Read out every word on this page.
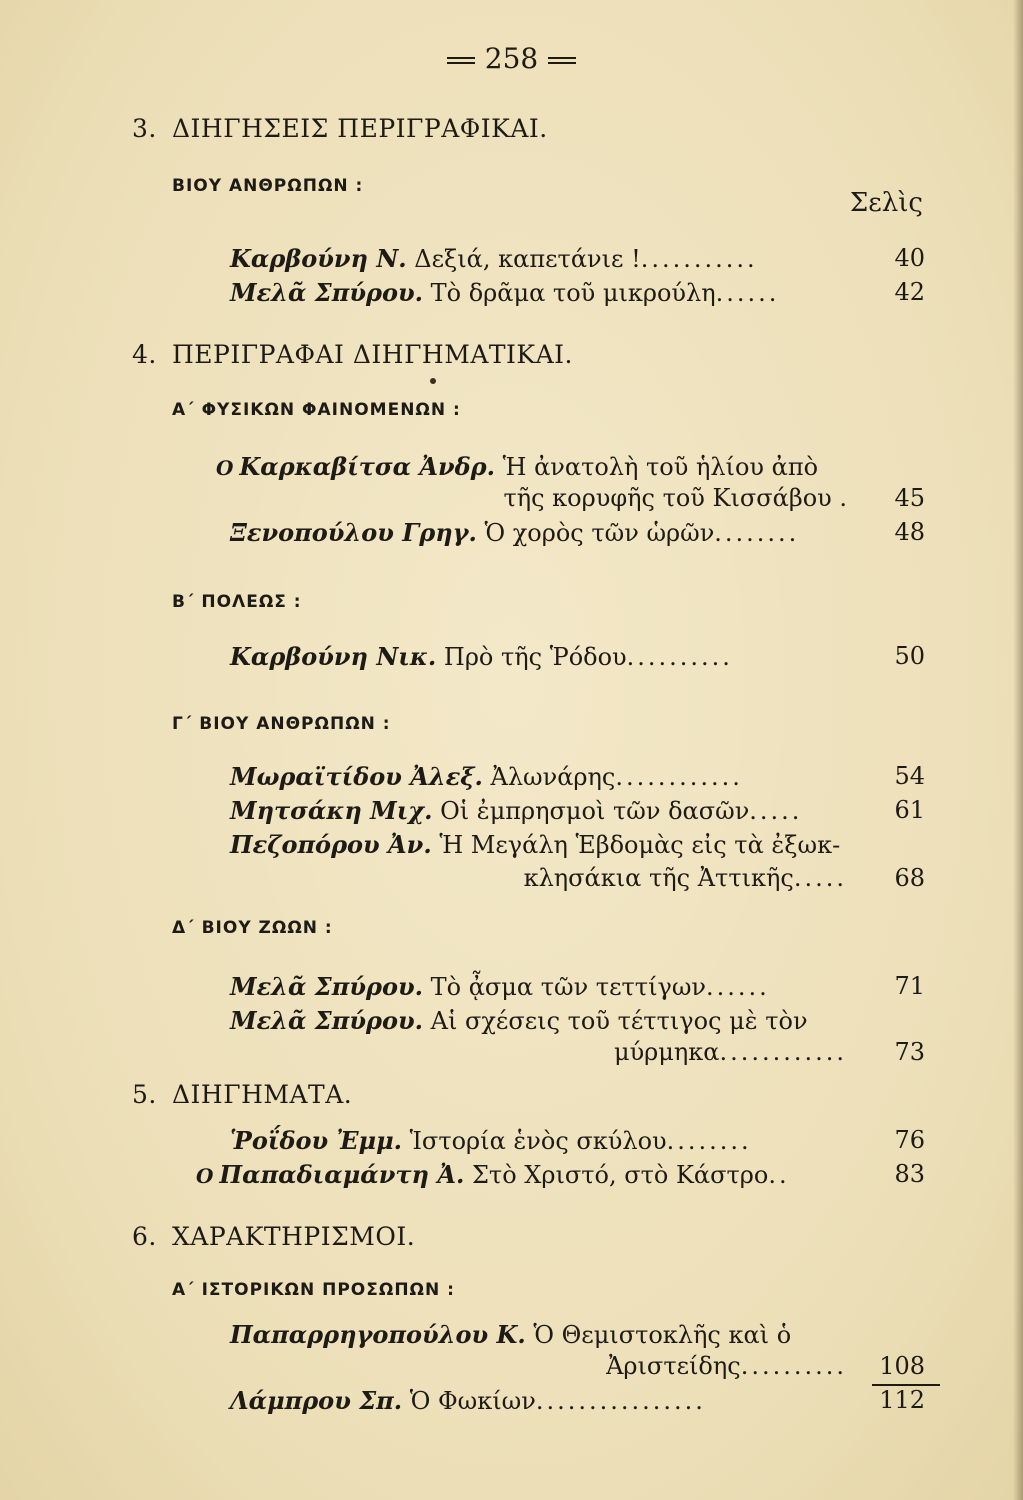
258
3. ΔΙΗΓΗΣΕΙΣ ΠΕΡΙΓΡΑΦΙΚΑΙ.
ΒΙΟΥ ΑΝΘΡΩΠΩΝ :
Σελὶς
Καρβούνη Ν. Δεξιά, καπετάνιε !...........	40
Μελᾶ Σπύρου. Τὸ δρᾶμα τοῦ μικρούλη......	42
4. ΠΕΡΙΓΡΑΦΑΙ ΔΙΗΓΗΜΑΤΙΚΑΙ.
Α΄ ΦΥΣΙΚΩΝ ΦΑΙΝΟΜΕΝΩΝ :
Ο Καρκαβίτσα Ἀνδρ. Ἡ ἀνατολὴ τοῦ ἡλίου ἀπὸ
τῆς κορυφῆς τοῦ Κισσάβου . 45
Ξενοπούλου Γρηγ. Ὁ χορὸς τῶν ὡρῶν........	48
Β΄ ΠΟΛΕΩΣ :
Καρβούνη Νικ. Πρὸ τῆς Ῥόδου..........	50
Γ΄ ΒΙΟΥ ΑΝΘΡΩΠΩΝ :
Μωραϊτίδου Ἀλεξ. Ἀλωνάρης............	54
Μητσάκη Μιχ. Οἱ ἐμπρησμοὶ τῶν δασῶν.....	61
Πεζοπόρου Ἀν. Ἡ Μεγάλη Ἑβδομὰς εἰς τὰ ἐξωκ-
κλησάκια τῆς Ἀττικῆς..... 68
Δ΄ ΒΙΟΥ ΖΩΩΝ :
Μελᾶ Σπύρου. Τὸ ᾆσμα τῶν τεττίγων......	71
Μελᾶ Σπύρου. Αἱ σχέσεις τοῦ τέττιγος μὲ τὸν
μύρμηκα............ 73
5. ΔΙΗΓΗΜΑΤΑ.
Ῥοΐδου Ἐμμ. Ἱστορία ἑνὸς σκύλου........	76
Ο Παπαδιαμάντη Ἀ. Στὸ Χριστό, στὸ Κάστρο..	83
6. ΧΑΡΑΚΤΗΡΙΣΜΟΙ.
Α΄ ΙΣΤΟΡΙΚΩΝ ΠΡΟΣΩΠΩΝ :
Παπαρρηγοπούλου Κ. Ὁ Θεμιστοκλῆς καὶ ὁ
Ἀριστείδης.......... 108
Λάμπρου Σπ. Ὁ Φωκίων................	112
